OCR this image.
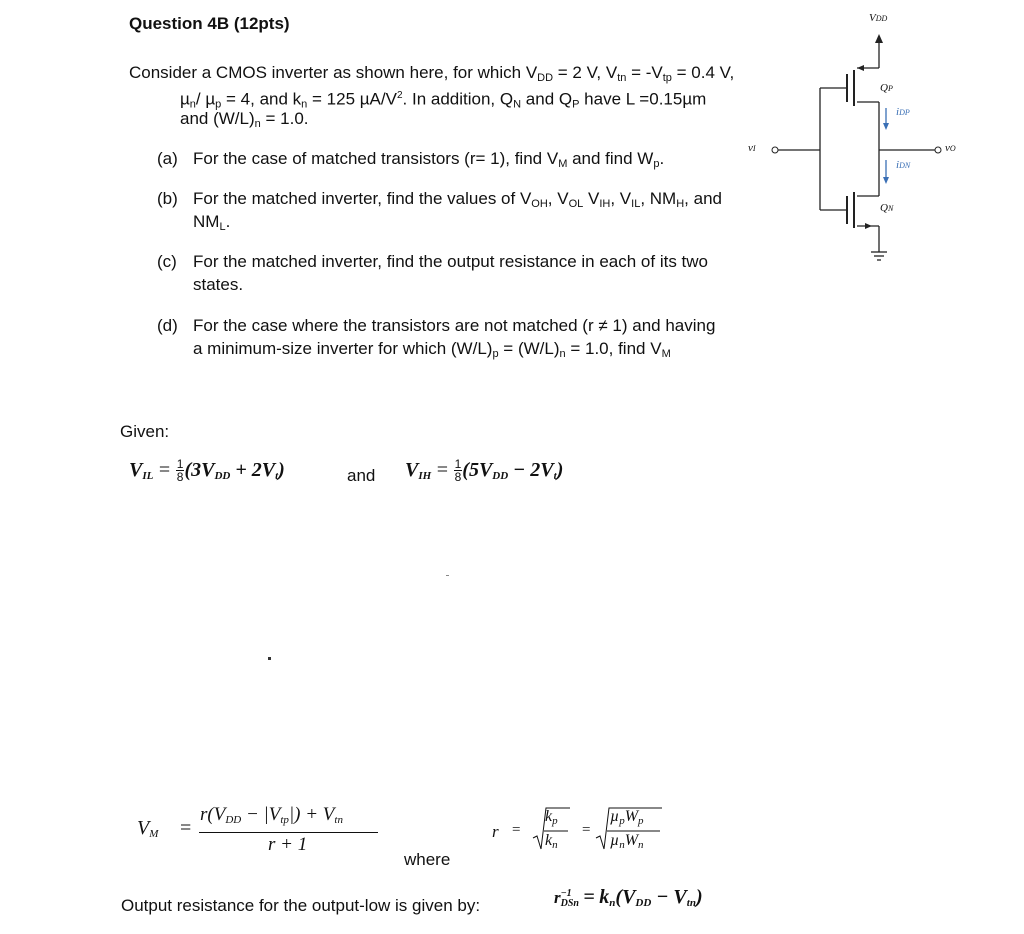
Question 4B (12pts)
Consider a CMOS inverter as shown here, for which $V_{DD} = 2$ V, $V_{tn} = -V_{tp} = 0.4$ V,
µ$_n$/ µ$_p$ = 4, and $k_n = 125$ $\mu A/V^2$. In addition, $Q_N$ and $Q_P$ have L =0.15µm
and $(W/L)_n = 1.0$.
(a) For the case of matched transistors (r= 1), find $V_M$ and find $W_p$.
(b) For the matched inverter, find the values of $V_{OH}$, $V_{OL}$ $V_{IH}$, $V_{IL}$, $NM_H$, and
$NM_L$.
(c) For the matched inverter, find the output resistance in each of its two
states.
(d) For the case where the transistors are not matched (r ≠ 1) and having
a minimum-size inverter for which $(W/L)_p = (W/L)_n = 1.0$, find $V_M$
Given:
$V_{IL} = \frac{1}{8} (3V_{DD} + 2V_t)$	and $V_{IH} = \frac{1}{8} (5V_{DD} - 2V_t)$
$V_M$ =
$r(V_{DD} - |V_{tp}|) + V_{tn}$
r + 1
r =
$k_p$
$k_n$
=
$\mu_pW_p$
$\mu_nW_n$
where
Output resistance for the output-low is given by:	r −1
DSn = $k_n(V_{DD} - V_{tn})$
VDD
QP
QN
iDP
iDN
vI	vO
